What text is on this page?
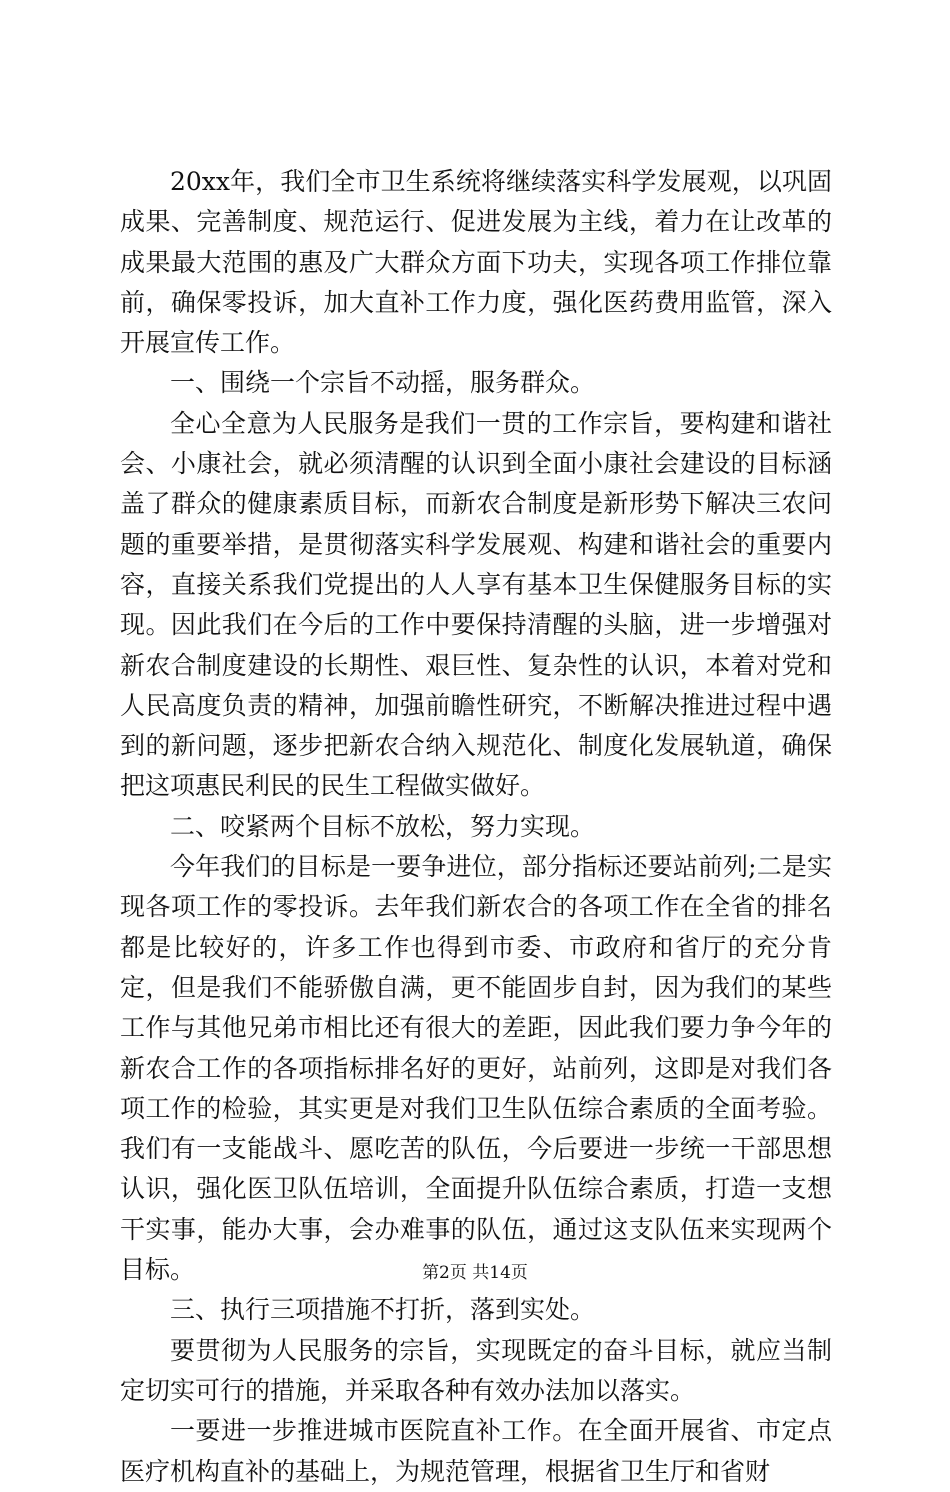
20xx年，我们全市卫生系统将继续落实科学发展观，以巩固成果、完善制度、规范运行、促进发展为主线，着力在让改革的成果最大范围的惠及广大群众方面下功夫，实现各项工作排位靠前，确保零投诉，加大直补工作力度，强化医药费用监管，深入开展宣传工作。

一、围绕一个宗旨不动摇，服务群众。

全心全意为人民服务是我们一贯的工作宗旨，要构建和谐社会、小康社会，就必须清醒的认识到全面小康社会建设的目标涵盖了群众的健康素质目标，而新农合制度是新形势下解决三农问题的重要举措，是贯彻落实科学发展观、构建和谐社会的重要内容，直接关系我们党提出的人人享有基本卫生保健服务目标的实现。因此我们在今后的工作中要保持清醒的头脑，进一步增强对新农合制度建设的长期性、艰巨性、复杂性的认识，本着对党和人民高度负责的精神，加强前瞻性研究，不断解决推进过程中遇到的新问题，逐步把新农合纳入规范化、制度化发展轨道，确保把这项惠民利民的民生工程做实做好。

二、咬紧两个目标不放松，努力实现。

今年我们的目标是一要争进位，部分指标还要站前列;二是实现各项工作的零投诉。去年我们新农合的各项工作在全省的排名都是比较好的，许多工作也得到市委、市政府和省厅的充分肯定，但是我们不能骄傲自满，更不能固步自封，因为我们的某些工作与其他兄弟市相比还有很大的差距，因此我们要力争今年的新农合工作的各项指标排名好的更好，站前列，这即是对我们各项工作的检验，其实更是对我们卫生队伍综合素质的全面考验。我们有一支能战斗、愿吃苦的队伍，今后要进一步统一干部思想认识，强化医卫队伍培训，全面提升队伍综合素质，打造一支想干实事，能办大事，会办难事的队伍，通过这支队伍来实现两个目标。

三、执行三项措施不打折，落到实处。

要贯彻为人民服务的宗旨，实现既定的奋斗目标，就应当制定切实可行的措施，并采取各种有效办法加以落实。

一要进一步推进城市医院直补工作。在全面开展省、市定点医疗机构直补的基础上，为规范管理，根据省卫生厅和省财

第2页 共14页
